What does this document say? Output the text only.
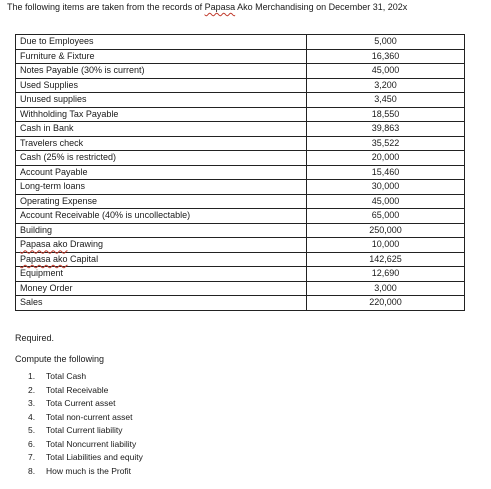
The following items are taken from the records of Papasa Ako Merchandising on December 31, 202x
Due to Employees	5,000
Furniture & Fixture	16,360
Notes Payable (30% is current)	45,000
Used Supplies	3,200
Unused supplies	3,450
Withholding Tax Payable	18,550
Cash in Bank	39,863
Travelers check	35,522
Cash (25% is restricted)	20,000
Account Payable	15,460
Long-term loans	30,000
Operating Expense	45,000
Account Receivable (40% is uncollectable)	65,000
Building	250,000
Papasa ako Drawing	10,000
Papasa ako Capital	142,625
Equipment	12,690
Money Order	3,000
Sales	220,000
Required.
Compute the following
1. Total Cash
2. Total Receivable
3. Tota Current asset
4. Total non-current asset
5. Total Current liability
6. Total Noncurrent liability
7. Total Liabilities and equity
8. How much is the Profit
